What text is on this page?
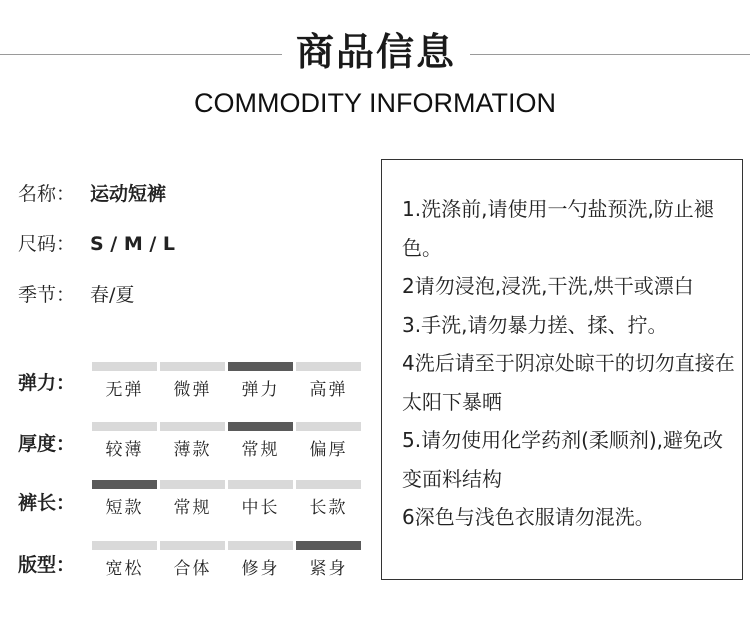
商品信息
COMMODITY INFORMATION
名称： 运动短裤
尺码： S / M / L
季节： 春/夏
弹力：	无弹	微弹	弹力	高弹
厚度：	较薄	薄款	常规	偏厚
裤长：	短款	常规	中长	长款
版型：	宽松	合体	修身	紧身

1.洗涤前,请使用一勺盐预洗,防止褪色。

2请勿浸泡,浸洗,干洗,烘干或漂白

3.手洗,请勿暴力搓、揉、拧。

4洗后请至于阴凉处晾干的切勿直接在太阳下暴晒

5.请勿使用化学药剂(柔顺剂),避免改变面料结构

6深色与浅色衣服请勿混洗。
